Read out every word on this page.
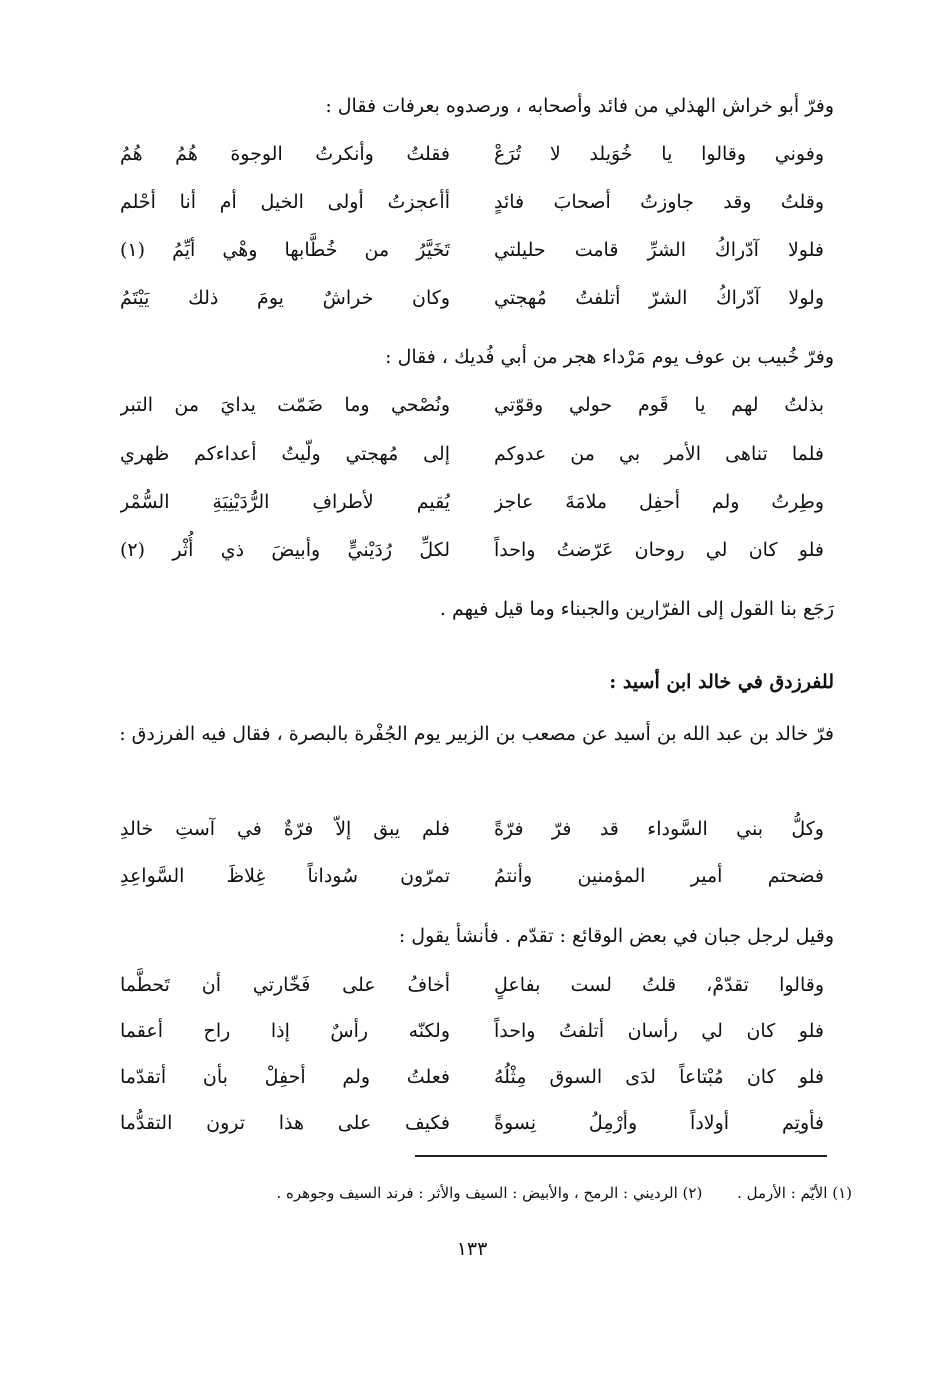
وفرّ أبو خراش الهذلي من فائد وأصحابه ، ورصدوه بعرفات فقال :
وفوني وقالوا يا خُوَيلد لا تُرَعْ
فقلتُ وأنكرتُ الوجوهَ هُمُ هُمُ
وقلتُ وقد جاوزتُ أصحابَ فائدٍ
أأعجزتُ أولى الخيل أم أنا أحْلم
فلولا آدّراكُ الشرِّ قامت حليلتي
تَخَيَّرُ من خُطَّابها وهْي أيِّمُ (١)
ولولا آدّراكُ الشرّ أتلفتُ مُهجتي
وكان خراشٌ يومَ ذلك يَيْتَمُ
وفرّ خُبيب بن عوف يوم مَرْداء هجر من أبي فُديك ، فقال :
بذلتُ لهم يا قَوم حولي وقوّتي
ونُصْحي وما ضَمّت يدايَ من التبر
فلما تناهى الأمر بي من عدوكم
إلى مُهجتي ولّيتُ أعداءكم ظهري
وطِرتُ ولم أحفِل ملامَةَ عاجز
يُقيم لأطرافِ الرُّدَيْنِيَةِ السُّمْر
فلو كان لي روحان عَرّضتُ واحداً
لكلِّ رُدَيْنيٍّ وأبيضَ ذي أُثْر (٢)
رَجَع بنا القول إلى الفرّارين والجبناء وما قيل فيهم .
للفرزدق في خالد ابن أسيد :
فرّ خالد بن عبد الله بن أسيد عن مصعب بن الزبير يوم الجُفْرة بالبصرة ، فقال فيه الفرزدق :
وكلُّ بني السَّوداء قد فرّ فرّةً
فلم يبق إلاّ فرّةٌ في آستِ خالدِ
فضحتم أمير المؤمنين وأنتمُ
تمرّون سُوداناً غِلاظَ السَّواعِدِ
وقيل لرجل جبان في بعض الوقائع : تقدّم . فأنشأ يقول :
وقالوا تقدّمْ، قلتُ لست بفاعلٍ
أخافُ على فَخّارتي أن تَحطَّما
فلو كان لي رأسان أتلفتُ واحداً
ولكنّه رأسٌ إذا راح أعقما
فلو كان مُبْتاعاً لدَى السوق مِثْلُهُ
فعلتُ ولم أحفِلْ بأن أتقدّما
فأوتِم أولاداً وأرْمِلُ نِسوةً
فكيف على هذا ترون التقدُّما
(١) الأيّم : الأرمل . (٢) الرديني : الرمح ، والأبيض : السيف والأثر : فرند السيف وجوهره .
١٣٣
